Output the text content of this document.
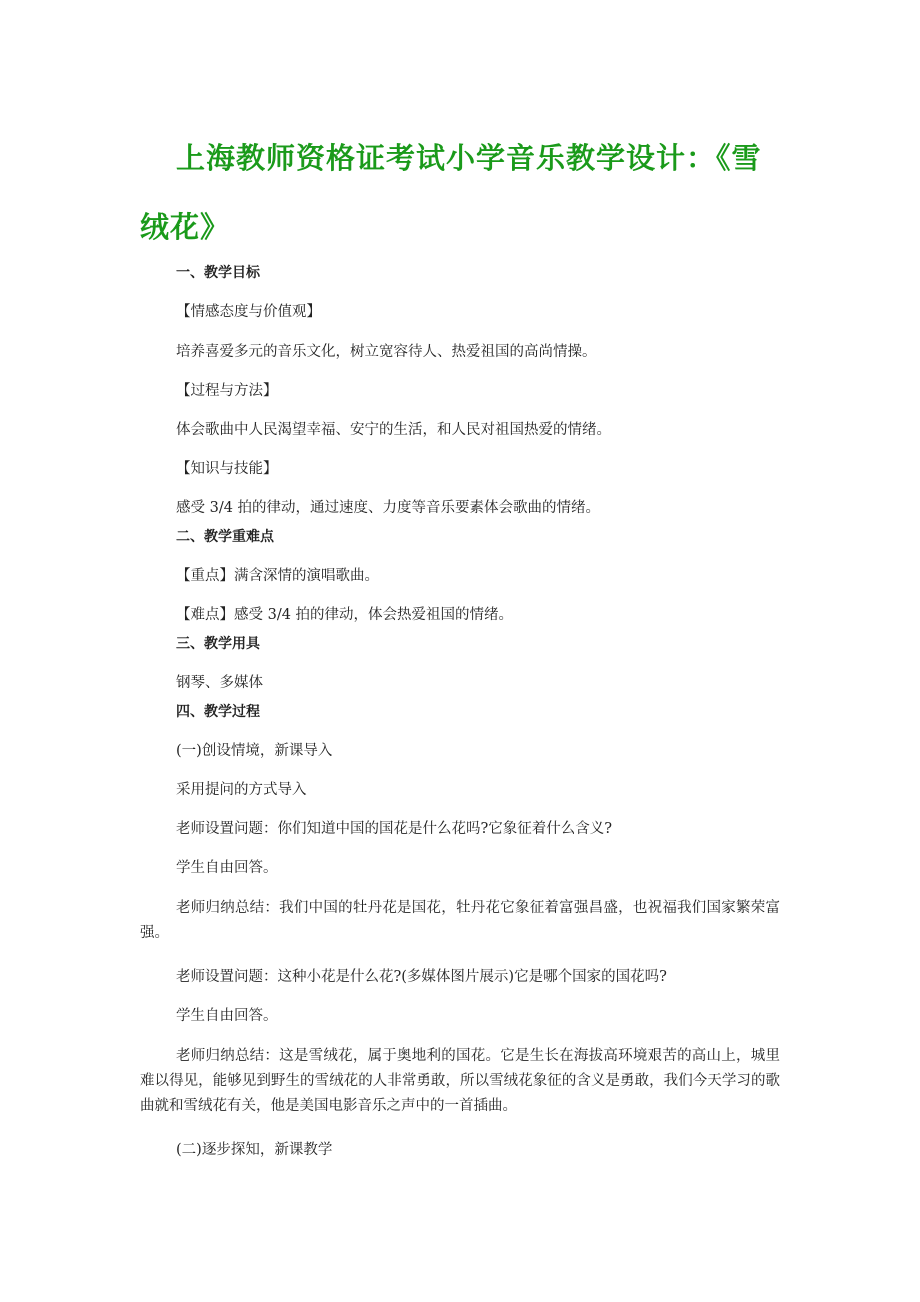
上海教师资格证考试小学音乐教学设计：《雪
绒花》
一、教学目标
【情感态度与价值观】
培养喜爱多元的音乐文化，树立宽容待人、热爱祖国的高尚情操。
【过程与方法】
体会歌曲中人民渴望幸福、安宁的生活，和人民对祖国热爱的情绪。
【知识与技能】
感受 3/4 拍的律动，通过速度、力度等音乐要素体会歌曲的情绪。
二、教学重难点
【重点】满含深情的演唱歌曲。
【难点】感受 3/4 拍的律动，体会热爱祖国的情绪。
三、教学用具
钢琴、多媒体
四、教学过程
(一)创设情境，新课导入
采用提问的方式导入
老师设置问题：你们知道中国的国花是什么花吗?它象征着什么含义?
学生自由回答。
老师归纳总结：我们中国的牡丹花是国花，牡丹花它象征着富强昌盛，也祝福我们国家繁荣富强。
老师设置问题：这种小花是什么花?(多媒体图片展示)它是哪个国家的国花吗?
学生自由回答。
老师归纳总结：这是雪绒花，属于奥地利的国花。它是生长在海拔高环境艰苦的高山上，城里难以得见，能够见到野生的雪绒花的人非常勇敢，所以雪绒花象征的含义是勇敢，我们今天学习的歌曲就和雪绒花有关，他是美国电影音乐之声中的一首插曲。
(二)逐步探知，新课教学
